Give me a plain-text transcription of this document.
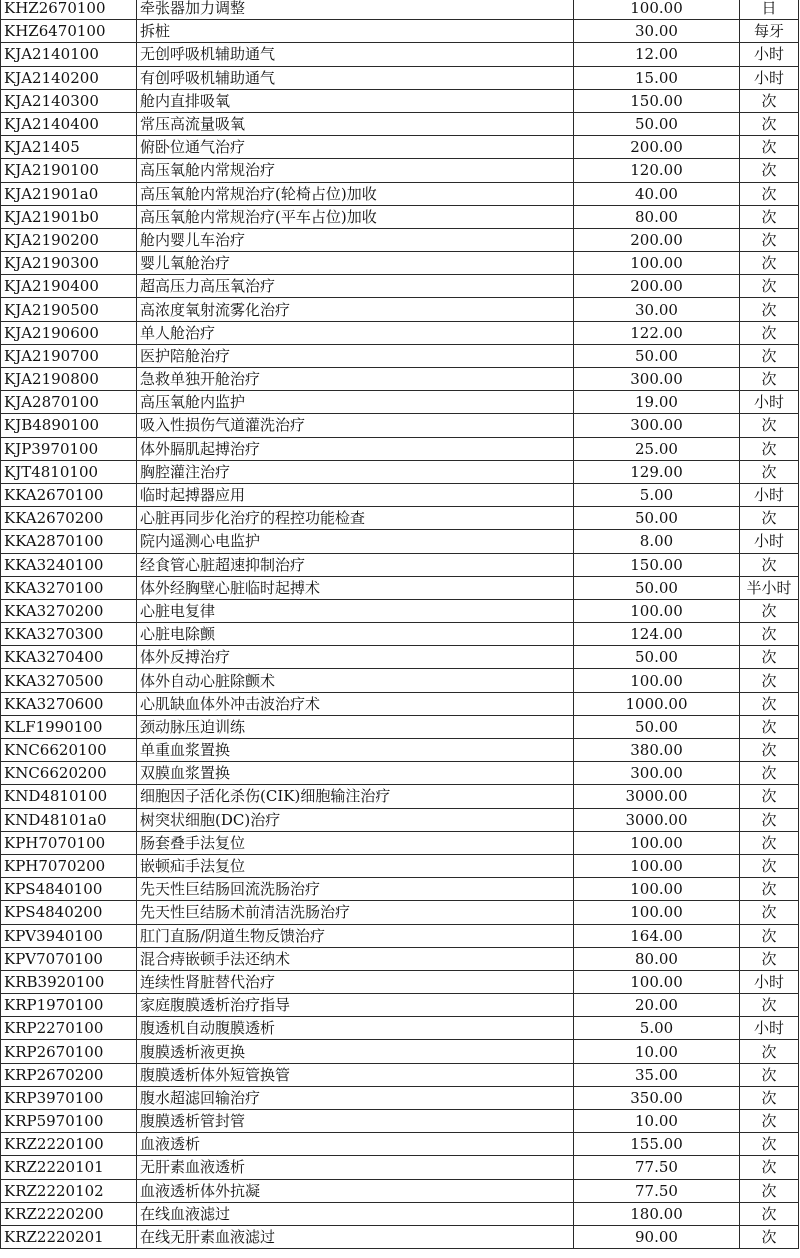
KHZ2670100	牵张器加力调整	100.00	日
KHZ6470100	拆桩	30.00	每牙
KJA2140100	无创呼吸机辅助通气	12.00	小时
KJA2140200	有创呼吸机辅助通气	15.00	小时
KJA2140300	舱内直排吸氧	150.00	次
KJA2140400	常压高流量吸氧	50.00	次
KJA21405	俯卧位通气治疗	200.00	次
KJA2190100	高压氧舱内常规治疗	120.00	次
KJA21901a0	高压氧舱内常规治疗(轮椅占位)加收	40.00	次
KJA21901b0	高压氧舱内常规治疗(平车占位)加收	80.00	次
KJA2190200	舱内婴儿车治疗	200.00	次
KJA2190300	婴儿氧舱治疗	100.00	次
KJA2190400	超高压力高压氧治疗	200.00	次
KJA2190500	高浓度氧射流雾化治疗	30.00	次
KJA2190600	单人舱治疗	122.00	次
KJA2190700	医护陪舱治疗	50.00	次
KJA2190800	急救单独开舱治疗	300.00	次
KJA2870100	高压氧舱内监护	19.00	小时
KJB4890100	吸入性损伤气道灌洗治疗	300.00	次
KJP3970100	体外膈肌起搏治疗	25.00	次
KJT4810100	胸腔灌注治疗	129.00	次
KKA2670100	临时起搏器应用	5.00	小时
KKA2670200	心脏再同步化治疗的程控功能检查	50.00	次
KKA2870100	院内遥测心电监护	8.00	小时
KKA3240100	经食管心脏超速抑制治疗	150.00	次
KKA3270100	体外经胸壁心脏临时起搏术	50.00	半小时
KKA3270200	心脏电复律	100.00	次
KKA3270300	心脏电除颤	124.00	次
KKA3270400	体外反搏治疗	50.00	次
KKA3270500	体外自动心脏除颤术	100.00	次
KKA3270600	心肌缺血体外冲击波治疗术	1000.00	次
KLF1990100	颈动脉压迫训练	50.00	次
KNC6620100	单重血浆置换	380.00	次
KNC6620200	双膜血浆置换	300.00	次
KND4810100	细胞因子活化杀伤(CIK)细胞输注治疗	3000.00	次
KND48101a0	树突状细胞(DC)治疗	3000.00	次
KPH7070100	肠套叠手法复位	100.00	次
KPH7070200	嵌顿疝手法复位	100.00	次
KPS4840100	先天性巨结肠回流洗肠治疗	100.00	次
KPS4840200	先天性巨结肠术前清洁洗肠治疗	100.00	次
KPV3940100	肛门直肠/阴道生物反馈治疗	164.00	次
KPV7070100	混合痔嵌顿手法还纳术	80.00	次
KRB3920100	连续性肾脏替代治疗	100.00	小时
KRP1970100	家庭腹膜透析治疗指导	20.00	次
KRP2270100	腹透机自动腹膜透析	5.00	小时
KRP2670100	腹膜透析液更换	10.00	次
KRP2670200	腹膜透析体外短管换管	35.00	次
KRP3970100	腹水超滤回输治疗	350.00	次
KRP5970100	腹膜透析管封管	10.00	次
KRZ2220100	血液透析	155.00	次
KRZ2220101	无肝素血液透析	77.50	次
KRZ2220102	血液透析体外抗凝	77.50	次
KRZ2220200	在线血液滤过	180.00	次
KRZ2220201	在线无肝素血液滤过	90.00	次
